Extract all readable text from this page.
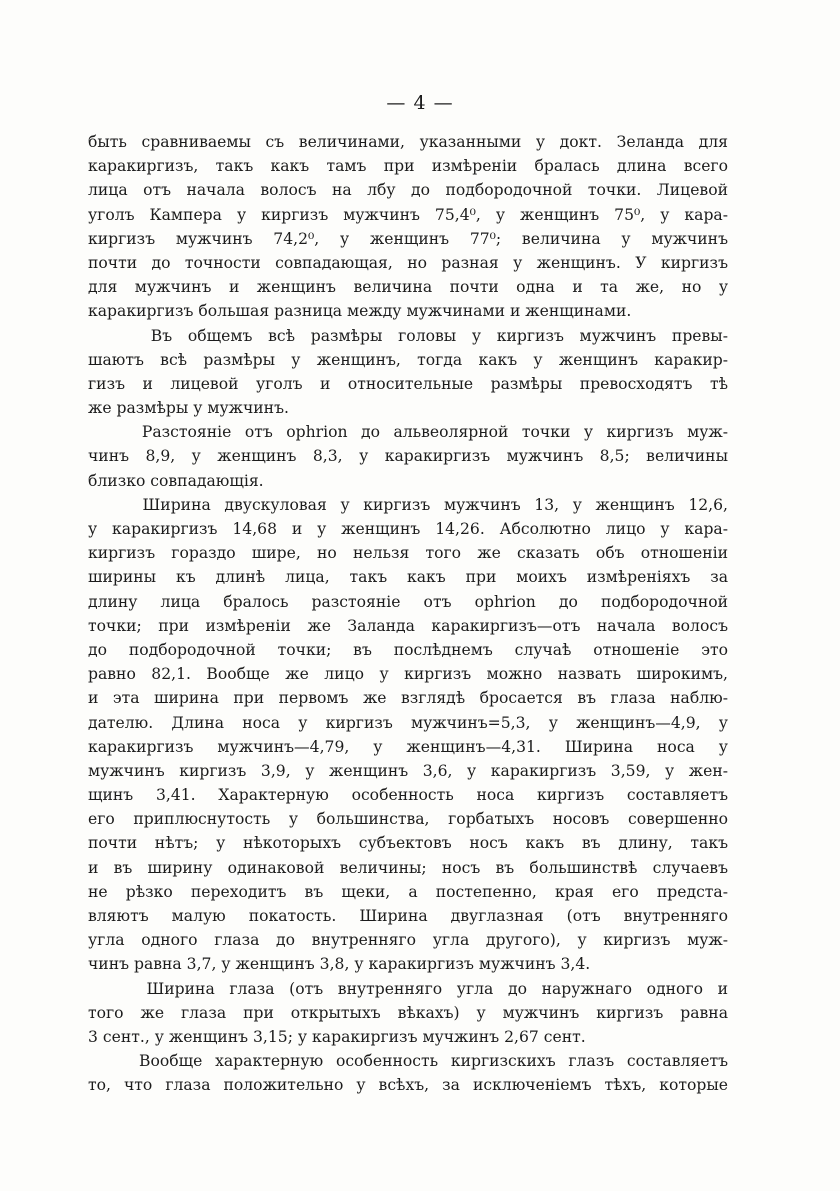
— 4 —
быть сравниваемы съ величинами, указанными у докт. Зеланда для
каракиргизъ, такъ какъ тамъ при измѣренiи бралась длина всего
лица отъ начала волосъ на лбу до подбородочной точки. Лицевой
уголъ Кампера у киргизъ мужчинъ 75,4⁰, у женщинъ 75⁰, у кара-
киргизъ мужчинъ 74,2⁰, у женщинъ 77⁰; величина у мужчинъ
почти до точности совпадающая, но разная у женщинъ. У киргизъ
для мужчинъ и женщинъ величина почти одна и та же, но у
каракиргизъ большая разница между мужчинами и женщинами.
Въ общемъ всѣ размѣры головы у киргизъ мужчинъ превы-
шаютъ всѣ размѣры у женщинъ, тогда какъ у женщинъ каракир-
гизъ и лицевой уголъ и относительные размѣры превосходятъ тѣ
же размѣры у мужчинъ.
Разстоянiе отъ ophrion до альвеолярной точки у киргизъ муж-
чинъ 8,9, у женщинъ 8,3, у каракиргизъ мужчинъ 8,5; величины
близко совпадающiя.
Ширина двускуловая у киргизъ мужчинъ 13, у женщинъ 12,6,
у каракиргизъ 14,68 и у женщинъ 14,26. Абсолютно лицо у кара-
киргизъ гораздо шире, но нельзя того же сказать объ отношенiи
ширины къ длинѣ лица, такъ какъ при моихъ измѣренiяхъ за
длину лица бралось разстоянiе отъ ophrion до подбородочной
точки; при измѣренiи же Заланда каракиргизъ—отъ начала волосъ
до подбородочной точки; въ послѣднемъ случаѣ отношенiе это
равно 82,1. Вообще же лицо у киргизъ можно назвать широкимъ,
и эта ширина при первомъ же взглядѣ бросается въ глаза наблю-
дателю. Длина носа у киргизъ мужчинъ=5,3, у женщинъ—4,9, у
каракиргизъ мужчинъ—4,79, у женщинъ—4,31. Ширина носа у
мужчинъ киргизъ 3,9, у женщинъ 3,6, у каракиргизъ 3,59, у жен-
щинъ 3,41. Характерную особенность носа киргизъ составляетъ
его приплюснутость у большинства, горбатыхъ носовъ совершенно
почти нѣтъ; у нѣкоторыхъ субъектовъ носъ какъ въ длину, такъ
и въ ширину одинаковой величины; носъ въ большинствѣ случаевъ
не рѣзко переходитъ въ щеки, а постепенно, края его предста-
вляютъ малую покатость. Ширина двуглазная (отъ внутренняго
угла одного глаза до внутренняго угла другого), у киргизъ муж-
чинъ равна 3,7, у женщинъ 3,8, у каракиргизъ мужчинъ 3,4.
Ширина глаза (отъ внутренняго угла до наружнаго одного и
того же глаза при открытыхъ вѣкахъ) у мужчинъ киргизъ равна
3 сент., у женщинъ 3,15; у каракиргизъ мучжинъ 2,67 сент.
Вообще характерную особенность киргизскихъ глазъ составляетъ
то, что глаза положительно у всѣхъ, за исключенiемъ тѣхъ, которые
